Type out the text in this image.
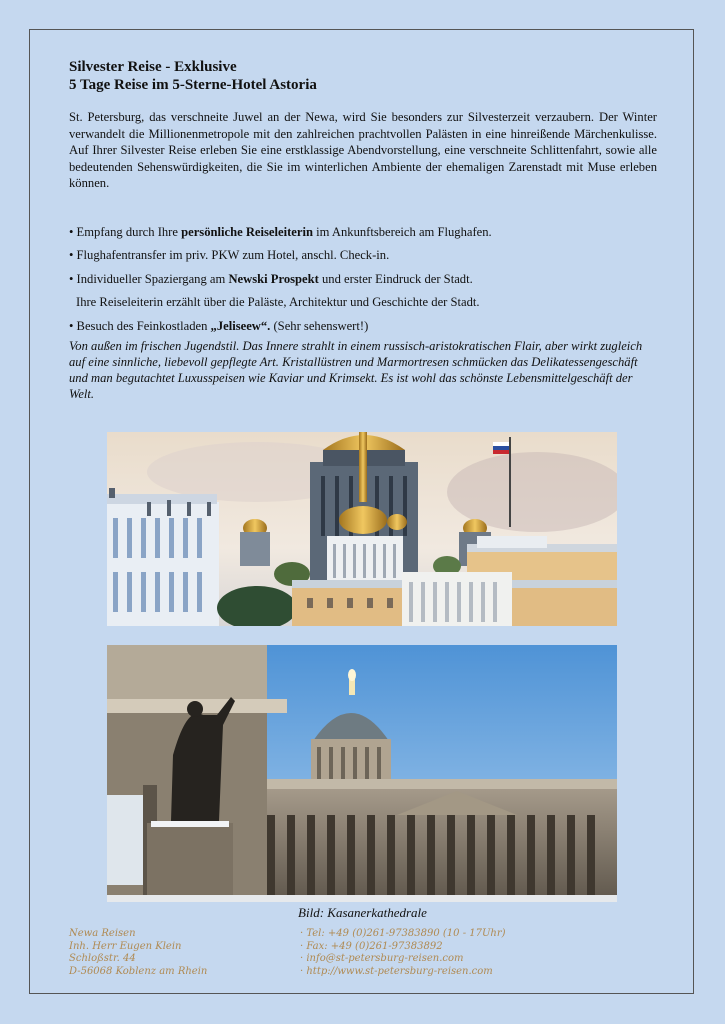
Silvester Reise - Exklusive
5 Tage Reise im 5-Sterne-Hotel Astoria

St. Petersburg, das verschneite Juwel an der Newa, wird Sie besonders zur Silvesterzeit verzaubern. Der Winter verwandelt die Millionenmetropole mit den zahlreichen prachtvollen Palästen in eine hinreißende Märchenkulisse. Auf Ihrer Silvester Reise erleben Sie eine erstklassige Abendvorstellung, eine verschneite Schlittenfahrt, sowie alle bedeutenden Sehenswürdigkeiten, die Sie im winterlichen Ambiente der ehemaligen Zarenstadt mit Muse erleben können.

• Empfang durch Ihre persönliche Reiseleiterin im Ankunftsbereich am Flughafen.
• Flughafentransfer im priv. PKW zum Hotel, anschl. Check-in.
• Individueller Spaziergang am Newski Prospekt und erster Eindruck der Stadt.
Ihre Reiseleiterin erzählt über die Paläste, Architektur und Geschichte der Stadt.
• Besuch des Feinkostladen „Jeliseew“. (Sehr sehenswert!)

Von außen im frischen Jugendstil. Das Innere strahlt in einem russisch-aristokratischen Flair, aber wirkt zugleich auf eine sinnliche, liebevoll gepflegte Art. Kristallüstren und Marmortresen schmücken das Delikatessengeschäft und man begutachtet Luxusspeisen wie Kaviar und Krimsekt. Es ist wohl das schönste Lebensmittelgeschäft der Welt.

Bild: Kasanerkathedrale
Newa Reisen
Inh. Herr Eugen Klein
Schloßstr. 44
D-56068 Koblenz am Rhein
· Tel: +49 (0)261-97383890 (10 - 17Uhr)
· Fax: +49 (0)261-97383892
· info@st-petersburg-reisen.com
· http://www.st-petersburg-reisen.com
